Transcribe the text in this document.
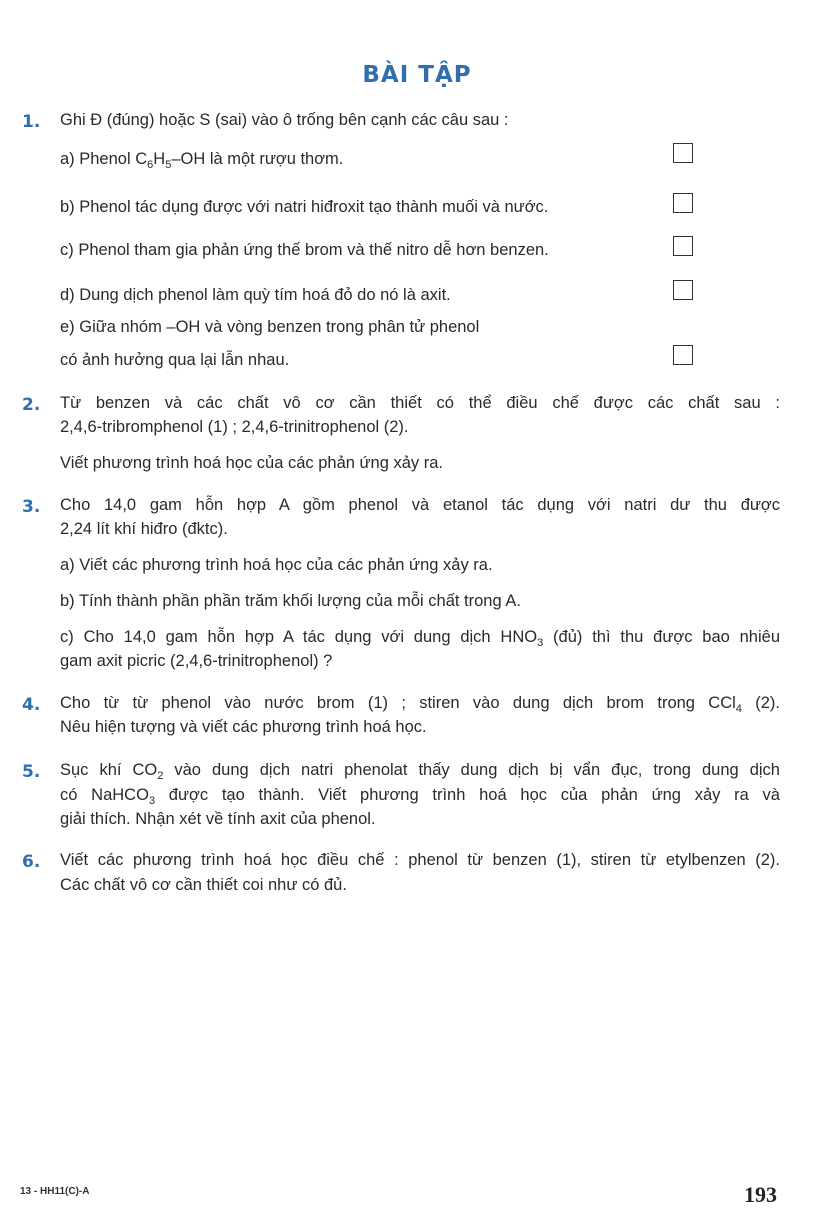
BÀI TẬP
1. Ghi Đ (đúng) hoặc S (sai) vào ô trống bên cạnh các câu sau :
a) Phenol $C_6H_5-OH$ là một rượu thơm.
b) Phenol tác dụng được với natri hiđroxit tạo thành muối và nước.
c) Phenol tham gia phản ứng thế brom và thế nitro dễ hơn benzen.
d) Dung dịch phenol làm quỳ tím hoá đỏ do nó là axit.
e) Giữa nhóm –OH và vòng benzen trong phân tử phenol
có ảnh hưởng qua lại lẫn nhau.
2. Từ benzen và các chất vô cơ cần thiết có thể điều chế được các chất sau :
2,4,6-tribromphenol (1) ; 2,4,6-trinitrophenol (2).
Viết phương trình hoá học của các phản ứng xảy ra.
3. Cho 14,0 gam hỗn hợp A gồm phenol và etanol tác dụng với natri dư thu được
2,24 lít khí hiđro (đktc).
a) Viết các phương trình hoá học của các phản ứng xảy ra.
b) Tính thành phần phần trăm khối lượng của mỗi chất trong A.
c) Cho 14,0 gam hỗn hợp A tác dụng với dung dịch $HNO_3$ (đủ) thì thu được bao nhiêu
gam axit picric (2,4,6-trinitrophenol) ?
4. Cho từ từ phenol vào nước brom (1) ; stiren vào dung dịch brom trong CCl$_4$ (2).
Nêu hiện tượng và viết các phương trình hoá học.
5. Sục khí $CO_2$ vào dung dịch natri phenolat thấy dung dịch bị vẩn đục, trong dung dịch
có NaHCO$_3$ được tạo thành. Viết phương trình hoá học của phản ứng xảy ra và
giải thích. Nhận xét về tính axit của phenol.
6. Viết các phương trình hoá học điều chế : phenol từ benzen (1), stiren từ etylbenzen (2).
Các chất vô cơ cần thiết coi như có đủ.
13 - HH11(C)-A	193
